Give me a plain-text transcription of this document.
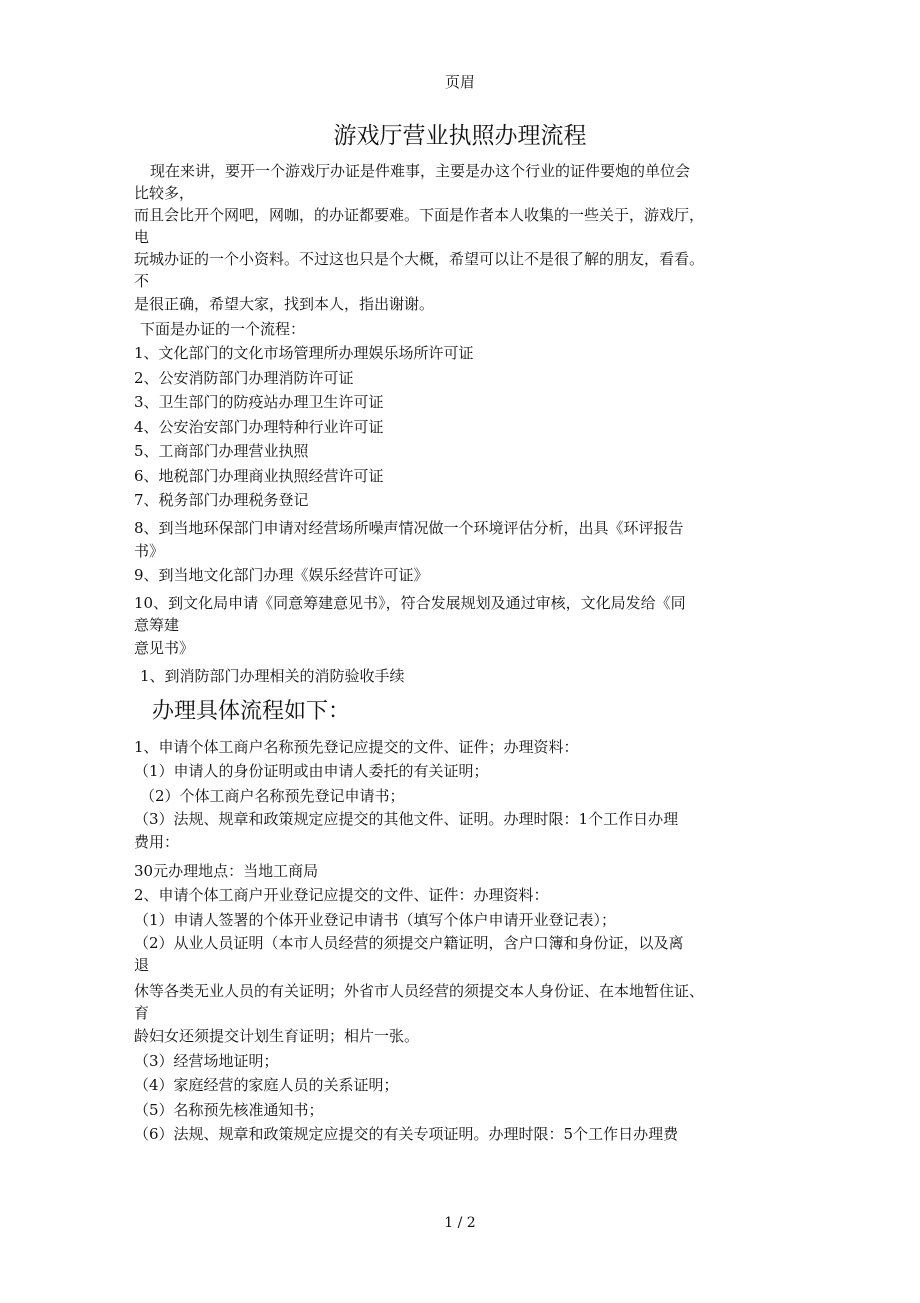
页眉
游戏厅营业执照办理流程

现在来讲，要开一个游戏厅办证是件难事，主要是办这个行业的证件要炮的单位会

比较多，

而且会比开个网吧，网咖，的办证都要难。下面是作者本人收集的一些关于，游戏厅，

电

玩城办证的一个小资料。不过这也只是个大概，希望可以让不是很了解的朋友，看看。

不

是很正确，希望大家，找到本人，指出谢谢。

下面是办证的一个流程：

1、文化部门的文化市场管理所办理娱乐场所许可证

2、公安消防部门办理消防许可证

3、卫生部门的防疫站办理卫生许可证

4、公安治安部门办理特种行业许可证

5、工商部门办理营业执照

6、地税部门办理商业执照经营许可证

7、税务部门办理税务登记

8、到当地环保部门申请对经营场所噪声情况做一个环境评估分析，出具《环评报告

书》

9、到当地文化部门办理《娱乐经营许可证》

10、到文化局申请《同意筹建意见书》，符合发展规划及通过审核，文化局发给《同

意筹建

意见书》

1、到消防部门办理相关的消防验收手续

办理具体流程如下：

1、申请个体工商户名称预先登记应提交的文件、证件；办理资料：

（1）申请人的身份证明或由申请人委托的有关证明；

（2）个体工商户名称预先登记申请书；

（3）法规、规章和政策规定应提交的其他文件、证明。办理时限：1个工作日办理

费用：

30元办理地点：当地工商局

2、申请个体工商户开业登记应提交的文件、证件：办理资料：

（1）申请人签署的个体开业登记申请书（填写个体户申请开业登记表）；

（2）从业人员证明（本市人员经营的须提交户籍证明，含户口簿和身份证，以及离

退

休等各类无业人员的有关证明；外省市人员经营的须提交本人身份证、在本地暂住证、

育

龄妇女还须提交计划生育证明；相片一张。

（3）经营场地证明；

（4）家庭经营的家庭人员的关系证明；

（5）名称预先核准通知书；

（6）法规、规章和政策规定应提交的有关专项证明。办理时限：5个工作日办理费

1 / 2
